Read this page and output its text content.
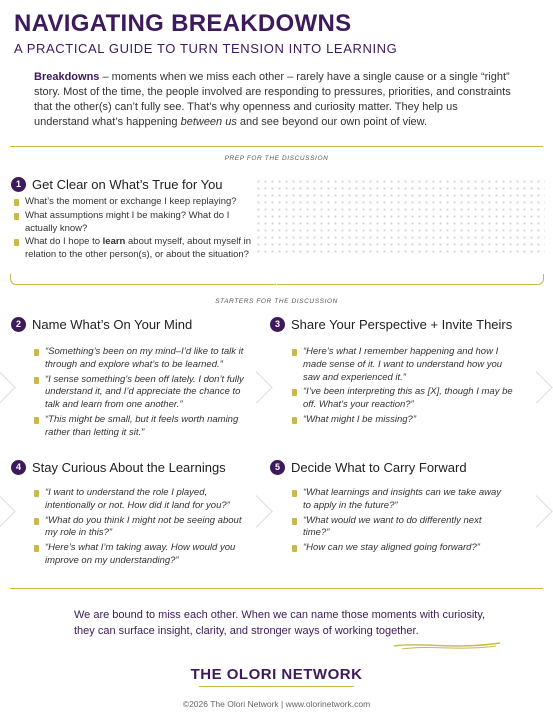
NAVIGATING BREAKDOWNS
A PRACTICAL GUIDE TO TURN TENSION INTO LEARNING
Breakdowns – moments when we miss each other – rarely have a single cause or a single “right” story. Most of the time, the people involved are responding to pressures, priorities, and constraints that the other(s) can’t fully see. That’s why openness and curiosity matter. They help us understand what’s happening between us and see beyond our own point of view.
PREP FOR THE DISCUSSION
1 Get Clear on What’s True for You
What’s the moment or exchange I keep replaying?
What assumptions might I be making? What do I actually know?
What do I hope to learn about myself, about myself in relation to the other person(s), or about the situation?
STARTERS FOR THE DISCUSSION
2 Name What’s On Your Mind
“Something’s been on my mind–I’d like to talk it through and explore what’s to be learned.”
“I sense something’s been off lately. I don’t fully understand it, and I’d appreciate the chance to talk and learn from one another.”
“This might be small, but it feels worth naming rather than letting it sit.”
3 Share Your Perspective + Invite Theirs
“Here’s what I remember happening and how I made sense of it. I want to understand how you saw and experienced it.”
“I’ve been interpreting this as [X], though I may be off. What’s your reaction?”
“What might I be missing?”
4 Stay Curious About the Learnings
“I want to understand the role I played, intentionally or not. How did it land for you?”
“What do you think I might not be seeing about my role in this?”
“Here’s what I’m taking away. How would you improve on my understanding?”
5 Decide What to Carry Forward
“What learnings and insights can we take away to apply in the future?”
“What would we want to do differently next time?”
“How can we stay aligned going forward?”
We are bound to miss each other. When we can name those moments with curiosity, they can surface insight, clarity, and stronger ways of working together.
THE OLORI NETWORK
©2026 The Olori Network | www.olorinetwork.com
